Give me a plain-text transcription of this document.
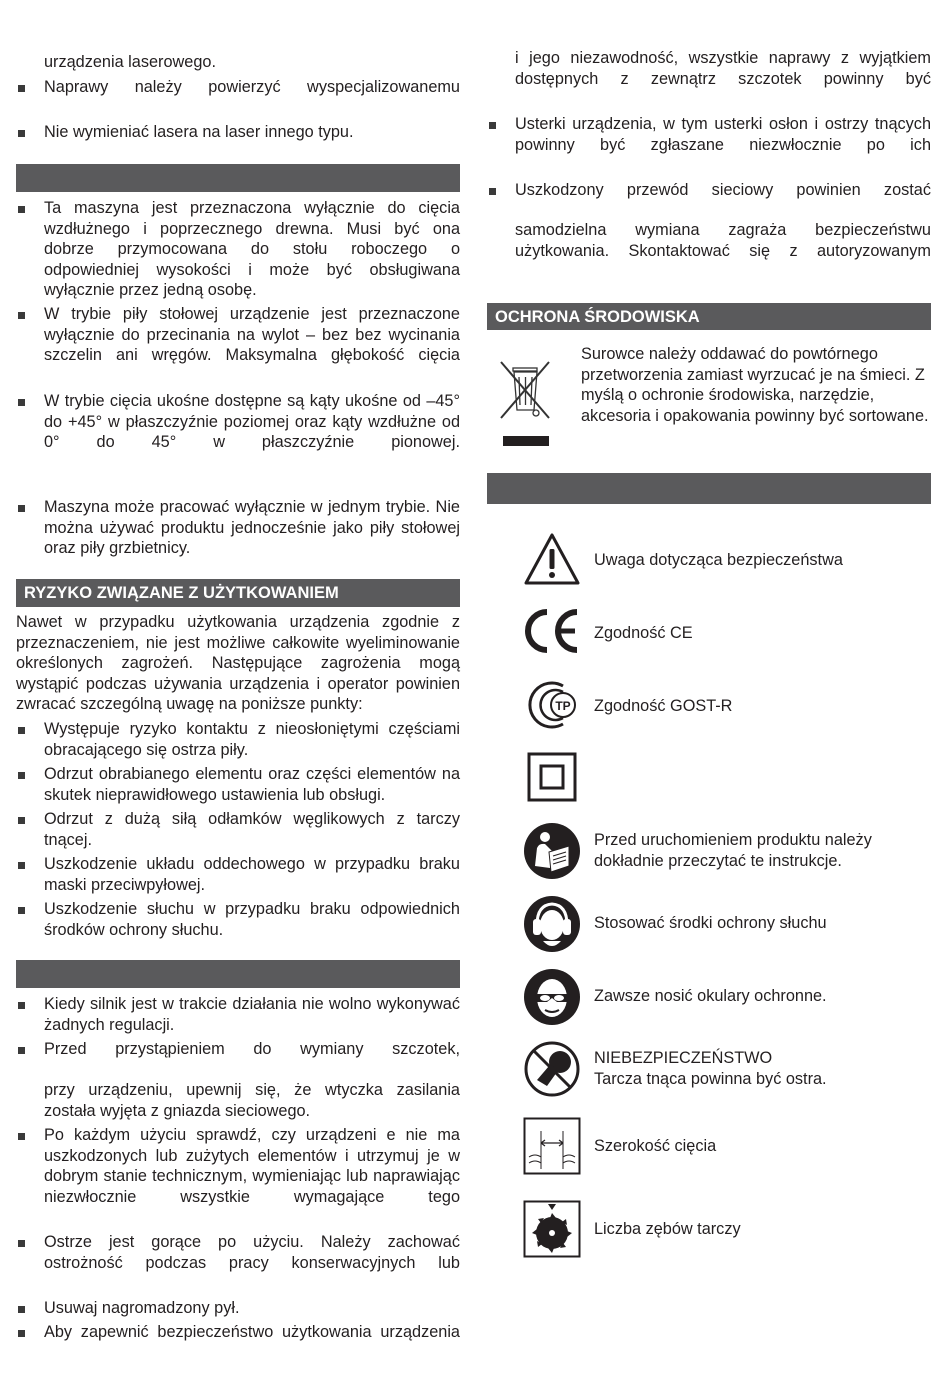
urządzenia laserowego.
Naprawy należy powierzyć wyspecjalizowanemu
Nie wymieniać lasera na laser innego typu.
Ta maszyna jest przeznaczona wyłącznie do cięcia wzdłużnego i poprzecznego drewna. Musi być ona dobrze przymocowana do stołu roboczego o odpowiedniej wysokości i może być obsługiwana wyłącznie przez jedną osobę.
W trybie piły stołowej urządzenie jest przeznaczone wyłącznie do przecinania na wylot – bez bez wycinania szczelin ani wręgów. Maksymalna głębokość cięcia
W trybie cięcia ukośne dostępne są kąty ukośne od –45° do +45° w płaszczyźnie poziomej oraz kąty wzdłużne od 0° do 45° w płaszczyźnie pionowej.
Maszyna może pracować wyłącznie w jednym trybie. Nie można używać produktu jednocześnie jako piły stołowej oraz piły grzbietnicy.
RYZYKO ZWIĄZANE Z UŻYTKOWANIEM
Nawet w przypadku użytkowania urządzenia zgodnie z przeznaczeniem, nie jest możliwe całkowite wyeliminowanie określonych zagrożeń. Następujące zagrożenia mogą wystąpić podczas używania urządzenia i operator powinien zwracać szczególną uwagę na poniższe punkty:
Występuje ryzyko kontaktu z nieosłoniętymi częściami obracającego się ostrza piły.
Odrzut obrabianego elementu oraz części elementów na skutek nieprawidłowego ustawienia lub obsługi.
Odrzut z dużą siłą odłamków węglikowych z tarczy tnącej.
Uszkodzenie układu oddechowego w przypadku braku maski przeciwpyłowej.
Uszkodzenie słuchu w przypadku braku odpowiednich środków ochrony słuchu.
Kiedy silnik jest w trakcie działania nie wolno wykonywać żadnych regulacji.
Przed przystąpieniem do wymiany szczotek,
przy urządzeniu, upewnij się, że wtyczka zasilania została wyjęta z gniazda sieciowego.
Po każdym użyciu sprawdź, czy urządzeni e nie ma uszkodzonych lub zużytych elementów i utrzymuj je w dobrym stanie technicznym, wymieniając lub naprawiając niezwłocznie wszystkie wymagające tego
Ostrze jest gorące po użyciu. Należy zachować ostrożność podczas pracy konserwacyjnych lub
Usuwaj nagromadzony pył.
Aby zapewnić bezpieczeństwo użytkowania urządzenia
i jego niezawodność, wszystkie naprawy z wyjątkiem dostępnych z zewnątrz szczotek powinny być
Usterki urządzenia, w tym usterki osłon i ostrzy tnących powinny być zgłaszane niezwłocznie po ich
Uszkodzony przewód sieciowy powinien zostać
samodzielna wymiana zagraża bezpieczeństwu użytkowania. Skontaktować się z autoryzowanym
OCHRONA ŚRODOWISKA
Surowce należy oddawać do powtórnego przetworzenia zamiast wyrzucać je na śmieci. Z myślą o ochronie środowiska, narzędzie, akcesoria i opakowania powinny być sortowane.
Uwaga dotycząca bezpieczeństwa
Zgodność CE
ТР Zgodność GOST-R
Przed uruchomieniem produktu należy dokładnie przeczytać te instrukcje.
Stosować środki ochrony słuchu
Zawsze nosić okulary ochronne.
NIEBEZPIECZEŃSTWO
Tarcza tnąca powinna być ostra.
Szerokość cięcia
Liczba zębów tarczy
